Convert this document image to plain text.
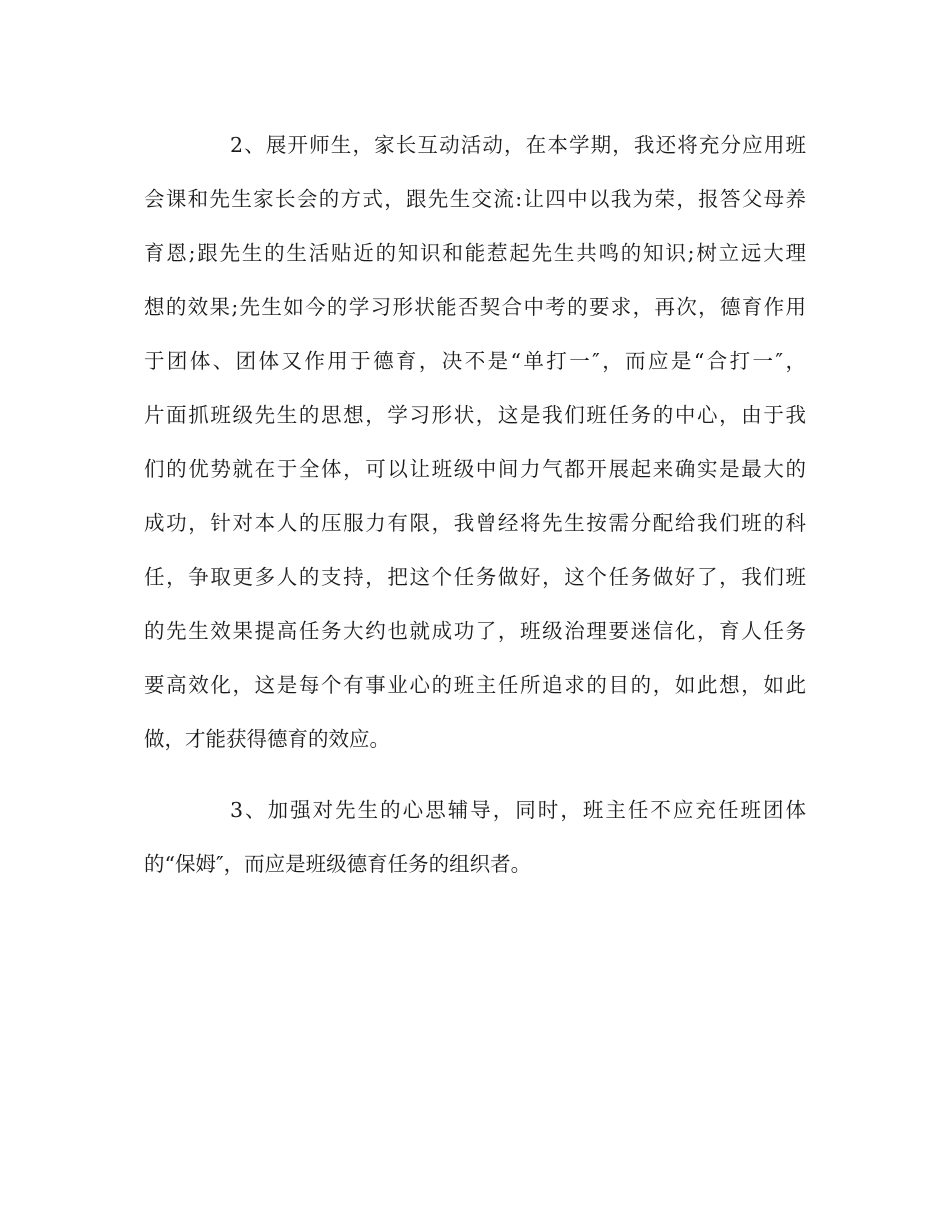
2、展开师生，家长互动活动，在本学期，我还将充分应用班
会课和先生家长会的方式，跟先生交流:让四中以我为荣，报答父母养
育恩;跟先生的生活贴近的知识和能惹起先生共鸣的知识;树立远大理
想的效果;先生如今的学习形状能否契合中考的要求，再次，德育作用
于团体、团体又作用于德育，决不是“单打一″，而应是“合打一″，
片面抓班级先生的思想，学习形状，这是我们班任务的中心，由于我
们的优势就在于全体，可以让班级中间力气都开展起来确实是最大的
成功，针对本人的压服力有限，我曾经将先生按需分配给我们班的科
任，争取更多人的支持，把这个任务做好，这个任务做好了，我们班
的先生效果提高任务大约也就成功了，班级治理要迷信化，育人任务
要高效化，这是每个有事业心的班主任所追求的目的，如此想，如此
做，才能获得德育的效应。
3、加强对先生的心思辅导，同时，班主任不应充任班团体
的“保姆″，而应是班级德育任务的组织者。
